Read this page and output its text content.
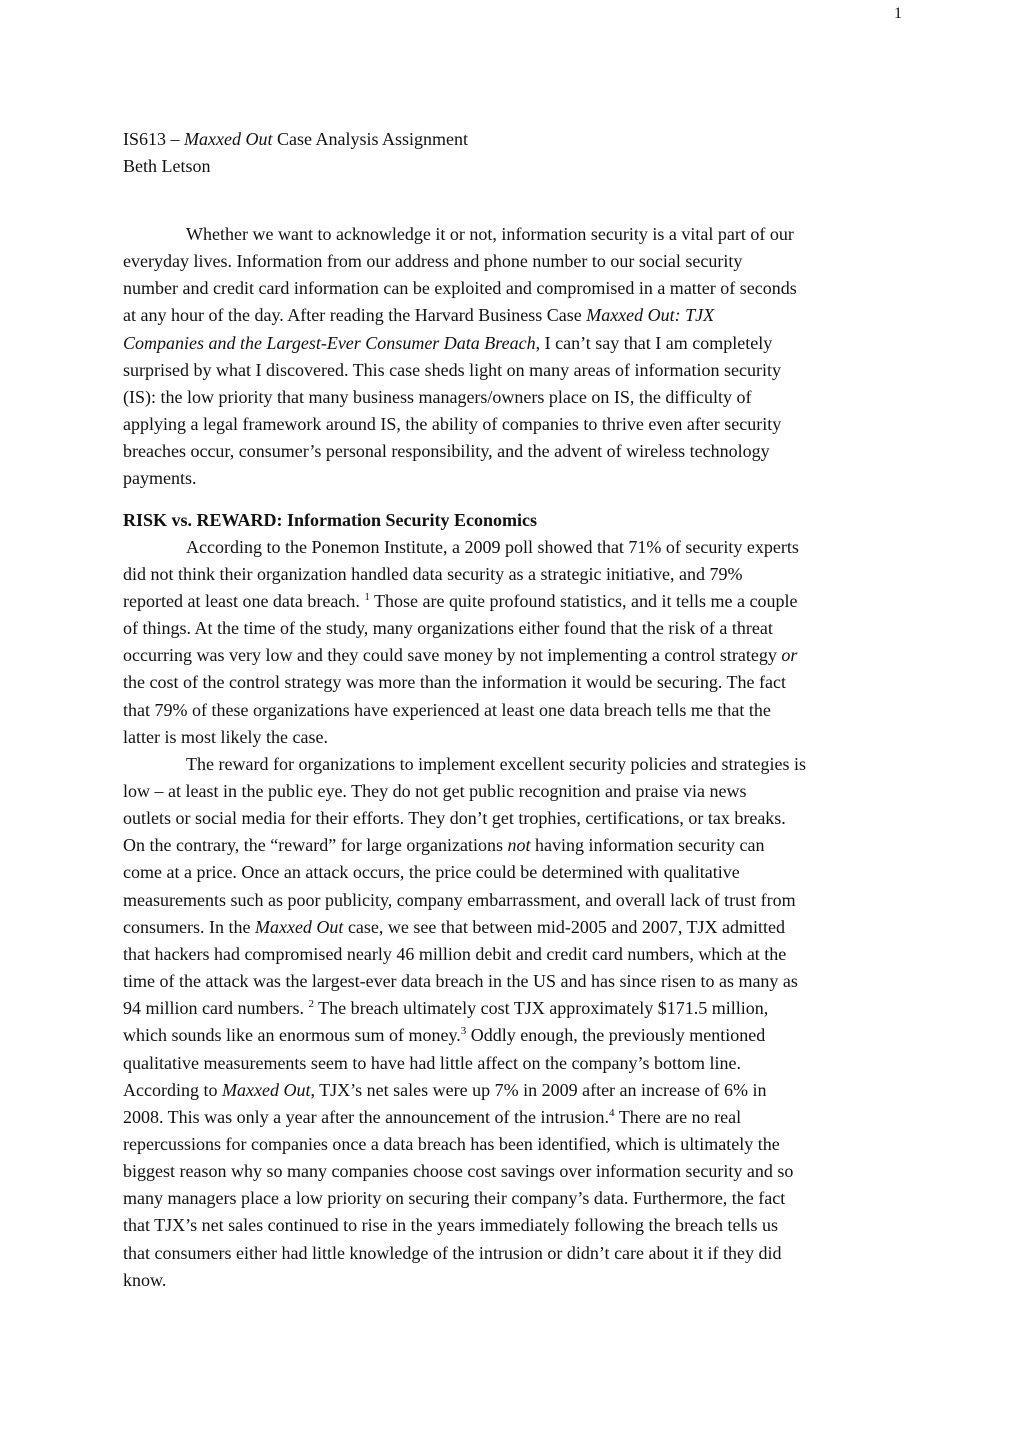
1
IS613 – Maxxed Out Case Analysis Assignment
Beth Letson
Whether we want to acknowledge it or not, information security is a vital part of our
everyday lives. Information from our address and phone number to our social security
number and credit card information can be exploited and compromised in a matter of seconds
at any hour of the day. After reading the Harvard Business Case Maxxed Out: TJX
Companies and the Largest-Ever Consumer Data Breach, I can’t say that I am completely
surprised by what I discovered. This case sheds light on many areas of information security
(IS): the low priority that many business managers/owners place on IS, the difficulty of
applying a legal framework around IS, the ability of companies to thrive even after security
breaches occur, consumer’s personal responsibility, and the advent of wireless technology
payments.
RISK vs. REWARD: Information Security Economics
According to the Ponemon Institute, a 2009 poll showed that 71% of security experts
did not think their organization handled data security as a strategic initiative, and 79%
reported at least one data breach. $^1$ Those are quite profound statistics, and it tells me a couple
of things. At the time of the study, many organizations either found that the risk of a threat
occurring was very low and they could save money by not implementing a control strategy or
the cost of the control strategy was more than the information it would be securing. The fact
that 79% of these organizations have experienced at least one data breach tells me that the
latter is most likely the case.
The reward for organizations to implement excellent security policies and strategies is
low – at least in the public eye. They do not get public recognition and praise via news
outlets or social media for their efforts. They don’t get trophies, certifications, or tax breaks.
On the contrary, the “reward” for large organizations not having information security can
come at a price. Once an attack occurs, the price could be determined with qualitative
measurements such as poor publicity, company embarrassment, and overall lack of trust from
consumers. In the Maxxed Out case, we see that between mid-2005 and 2007, TJX admitted
that hackers had compromised nearly 46 million debit and credit card numbers, which at the
time of the attack was the largest-ever data breach in the US and has since risen to as many as
94 million card numbers. $^2$ The breach ultimately cost TJX approximately $171.5 million,
which sounds like an enormous sum of money.$^3$ Oddly enough, the previously mentioned
qualitative measurements seem to have had little affect on the company’s bottom line.
According to Maxxed Out, TJX’s net sales were up 7% in 2009 after an increase of 6% in
2008. This was only a year after the announcement of the intrusion.$^4$ There are no real
repercussions for companies once a data breach has been identified, which is ultimately the
biggest reason why so many companies choose cost savings over information security and so
many managers place a low priority on securing their company’s data. Furthermore, the fact
that TJX’s net sales continued to rise in the years immediately following the breach tells us
that consumers either had little knowledge of the intrusion or didn’t care about it if they did
know.
